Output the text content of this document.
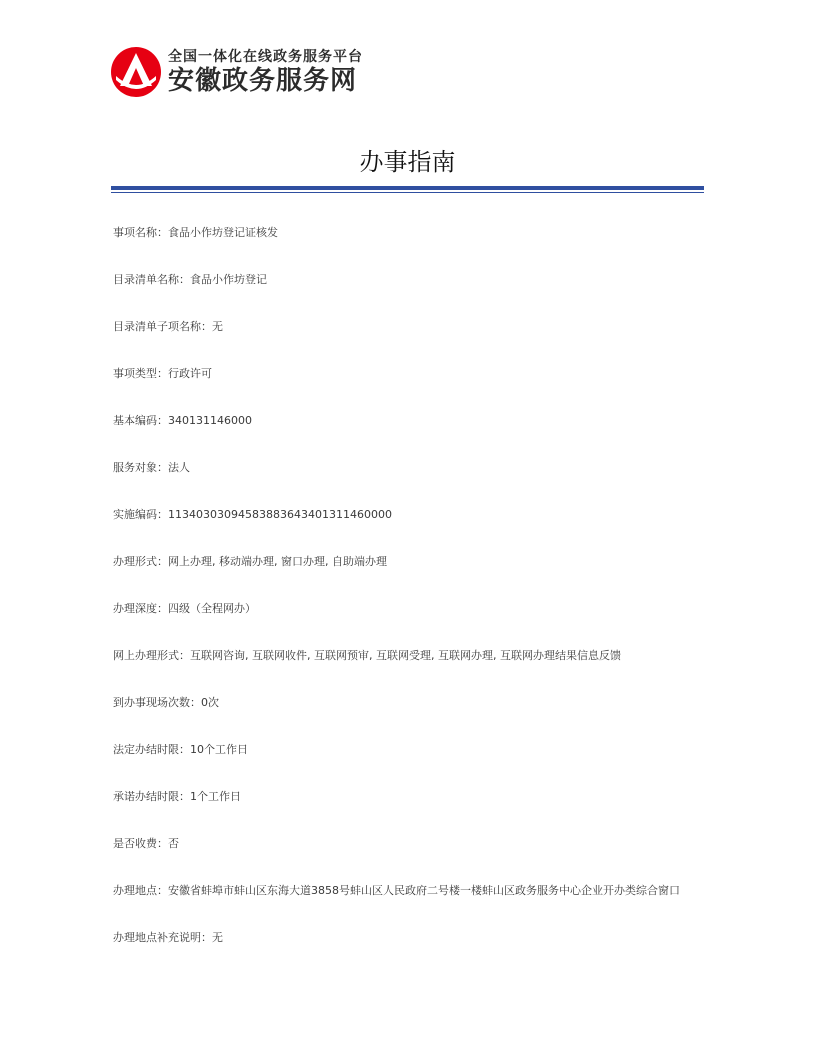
全国一体化在线政务服务平台
安徽政务服务网
办事指南
事项名称：食品小作坊登记证核发
目录清单名称：食品小作坊登记
目录清单子项名称：无
事项类型：行政许可
基本编码：340131146000
服务对象：法人
实施编码：11340303094583883643401311460000
办理形式：网上办理, 移动端办理, 窗口办理, 自助端办理
办理深度：四级（全程网办）
网上办理形式：互联网咨询, 互联网收件, 互联网预审, 互联网受理, 互联网办理, 互联网办理结果信息反馈
到办事现场次数：0次
法定办结时限：10个工作日
承诺办结时限：1个工作日
是否收费：否
办理地点：安徽省蚌埠市蚌山区东海大道3858号蚌山区人民政府二号楼一楼蚌山区政务服务中心企业开办类综合窗口
办理地点补充说明：无
